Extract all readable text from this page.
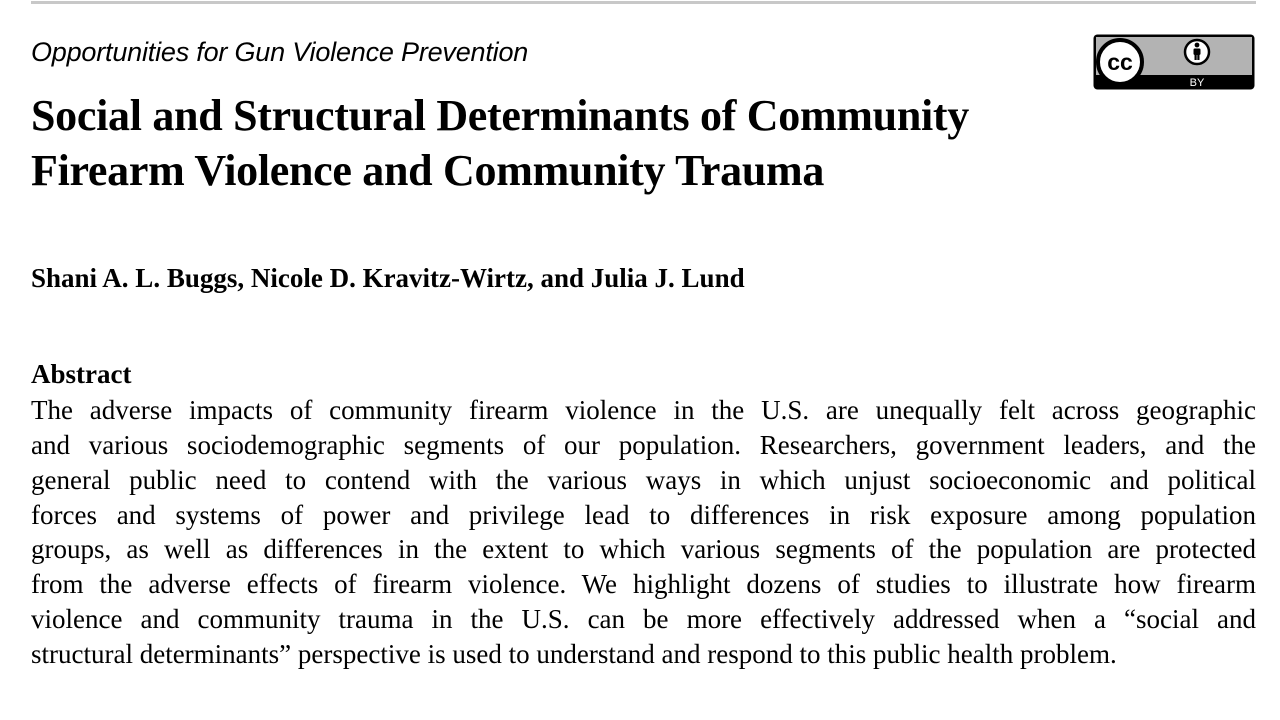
Opportunities for Gun Violence Prevention	cc
BY
Social and Structural Determinants of Community
Firearm Violence and Community Trauma
Shani A. L. Buggs, Nicole D. Kravitz-Wirtz, and Julia J. Lund
Abstract
The adverse impacts of community firearm violence in the U.S. are unequally felt across geographic
and various sociodemographic segments of our population. Researchers, government leaders, and the
general public need to contend with the various ways in which unjust socioeconomic and political
forces and systems of power and privilege lead to differences in risk exposure among population
groups, as well as differences in the extent to which various segments of the population are protected
from the adverse effects of firearm violence. We highlight dozens of studies to illustrate how firearm
violence and community trauma in the U.S. can be more effectively addressed when a “social and
structural determinants” perspective is used to understand and respond to this public health problem.
